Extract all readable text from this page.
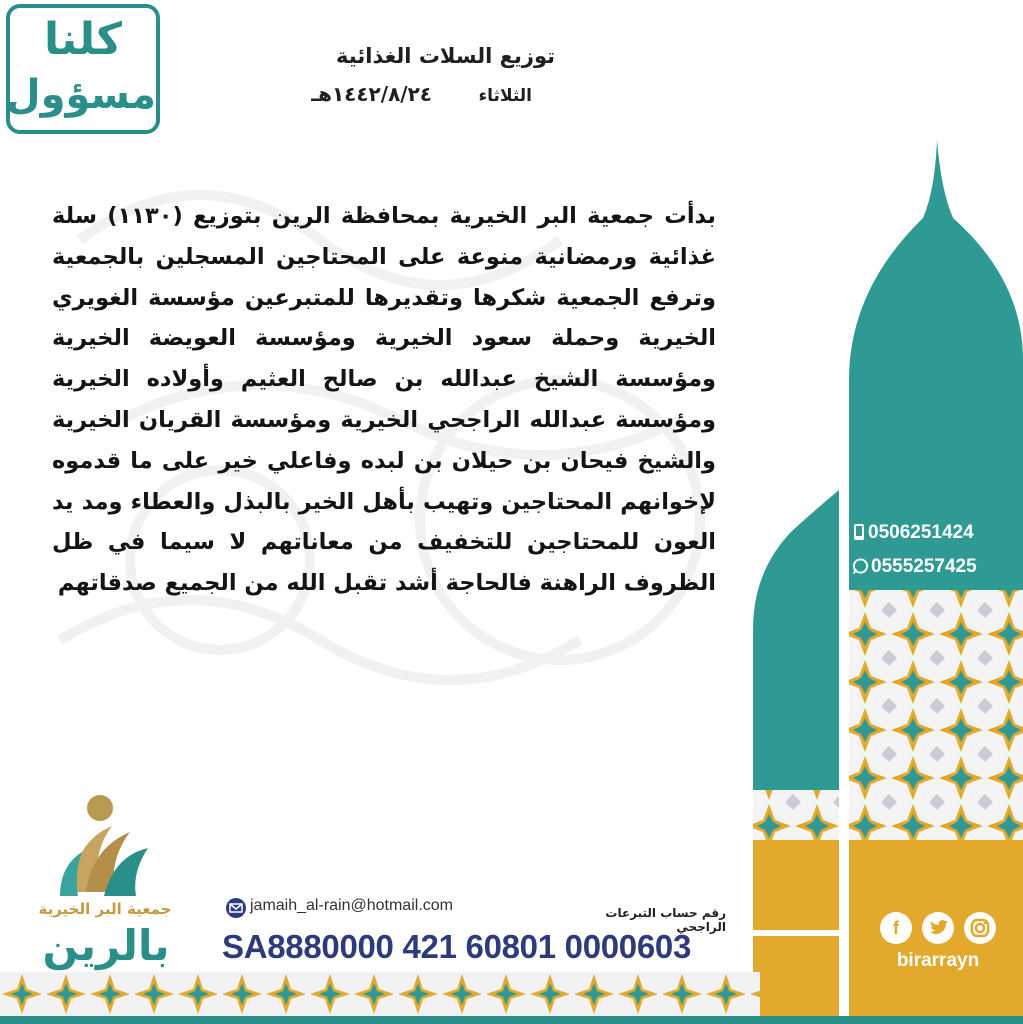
كلنا
مسؤول
توزيع السلات الغذائية
الثلاثاء
١٤٤٢/٨/٢٤هـ
بدأت جمعية البر الخيرية بمحافظة الرين بتوزيع (١١٣٠) سلة غذائية ورمضانية منوعة على المحتاجين المسجلين بالجمعية وترفع الجمعية شكرها وتقديرها للمتبرعين مؤسسة الغويري الخيرية وحملة سعود الخيرية ومؤسسة العويضة الخيرية ومؤسسة الشيخ عبدالله بن صالح العثيم وأولاده الخيرية ومؤسسة عبدالله الراجحي الخيرية ومؤسسة القريان الخيرية والشيخ فيحان بن حيلان بن لبده وفاعلي خير على ما قدموه لإخوانهم المحتاجين وتهيب بأهل الخير بالبذل والعطاء ومد يد العون للمحتاجين للتخفيف من معاناتهم لا سيما في ظل الظروف الراهنة فالحاجة أشد تقبل الله من الجميع صدقاتهم
0506251424
0555257425
f
birarrayn
جمعية البر الخيرية
بالرين
jamaih_al-rain@hotmail.com	رقم حساب التبرعات الراجحي
SA8880000 421 60801 0000603
